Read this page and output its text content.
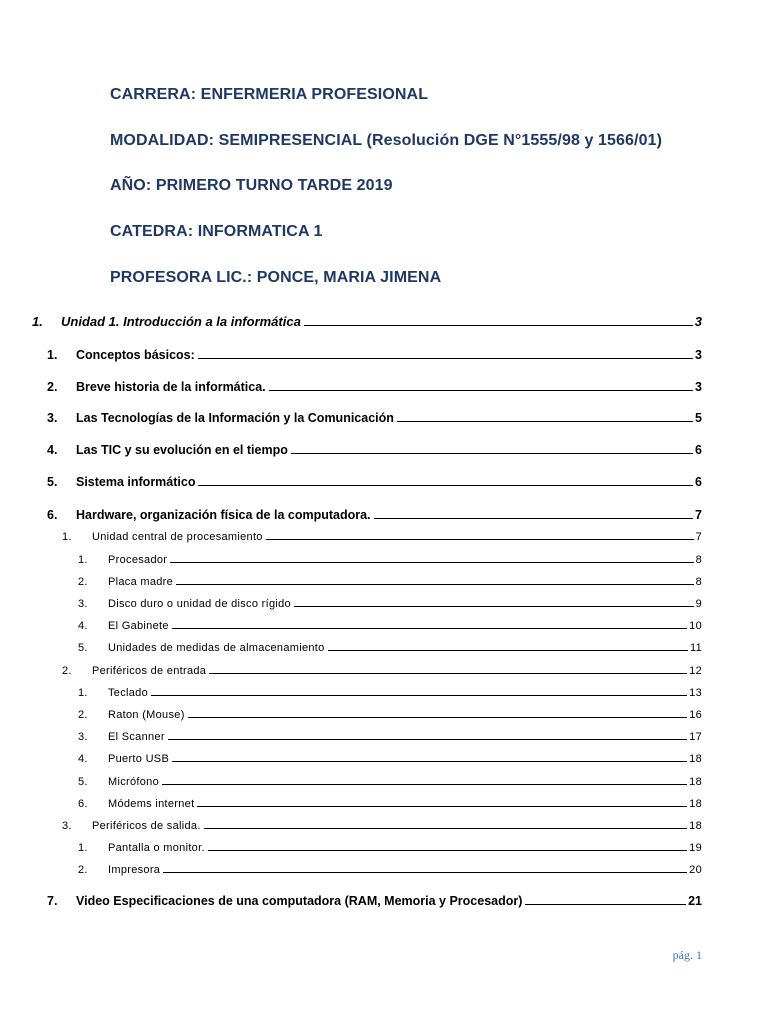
CARRERA: ENFERMERIA PROFESIONAL
MODALIDAD: SEMIPRESENCIAL (Resolución DGE N°1555/98 y 1566/01)
AÑO: PRIMERO TURNO TARDE 2019
CATEDRA: INFORMATICA 1
PROFESORA LIC.: PONCE, MARIA JIMENA
1. Unidad 1. Introducción a la informática	3
1. Conceptos básicos:	3
2. Breve historia de la informática.	3
3. Las Tecnologías de la Información y la Comunicación	5
4. Las TIC y su evolución en el tiempo	6
5. Sistema informático	6
6. Hardware, organización física de la computadora.	7
1. Unidad central de procesamiento	7
1. Procesador	8
2. Placa madre	8
3. Disco duro o unidad de disco rígido	9
4. El Gabinete	10
5. Unidades de medidas de almacenamiento	11
2. Periféricos de entrada	12
1. Teclado	13
2. Raton (Mouse)	16
3. El Scanner	17
4. Puerto USB	18
5. Micrófono	18
6. Módems internet	18
3. Periféricos de salida.	18
1. Pantalla o monitor.	19
2. Impresora	20
7. Video Especificaciones de una computadora (RAM, Memoria y Procesador)	21
pág. 1
